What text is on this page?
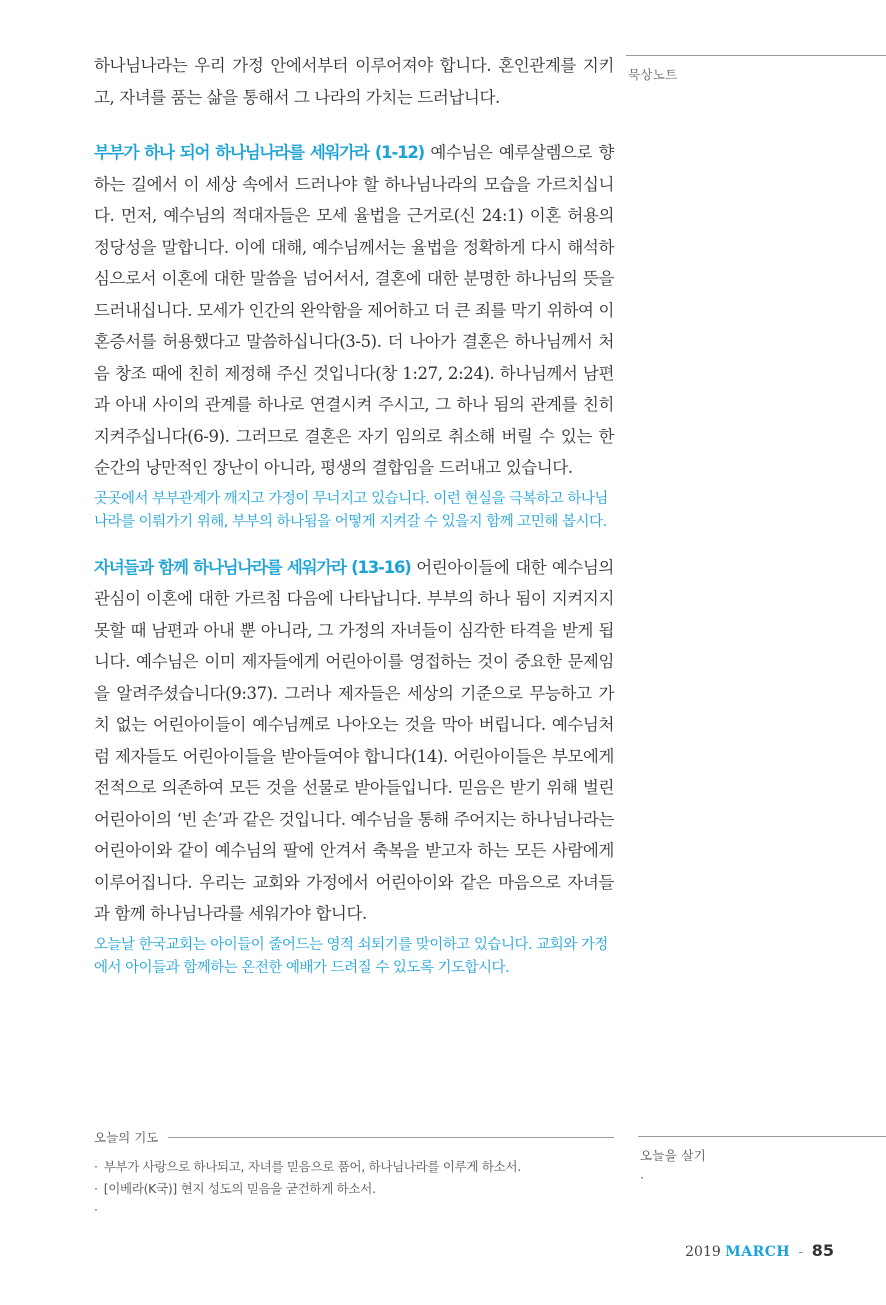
하나님나라는 우리 가정 안에서부터 이루어져야 합니다. 혼인관계를 지키고, 자녀를 품는 삶을 통해서 그 나라의 가치는 드러납니다.

부부가 하나 되어 하나님나라를 세워가라 (1-12) 예수님은 예루살렘으로 향하는 길에서 이 세상 속에서 드러나야 할 하나님나라의 모습을 가르치십니다. 먼저, 예수님의 적대자들은 모세 율법을 근거로(신 24:1) 이혼 허용의 정당성을 말합니다. 이에 대해, 예수님께서는 율법을 정확하게 다시 해석하심으로서 이혼에 대한 말씀을 넘어서서, 결혼에 대한 분명한 하나님의 뜻을 드러내십니다. 모세가 인간의 완악함을 제어하고 더 큰 죄를 막기 위하여 이혼증서를 허용했다고 말씀하십니다(3-5). 더 나아가 결혼은 하나님께서 처음 창조 때에 친히 제정해 주신 것입니다(창 1:27, 2:24). 하나님께서 남편과 아내 사이의 관계를 하나로 연결시켜 주시고, 그 하나 됨의 관계를 친히 지켜주십니다(6-9). 그러므로 결혼은 자기 임의로 취소해 버릴 수 있는 한순간의 낭만적인 장난이 아니라, 평생의 결합임을 드러내고 있습니다.

곳곳에서 부부관계가 깨지고 가정이 무너지고 있습니다. 이런 현실을 극복하고 하나님나라를 이뤄가기 위해, 부부의 하나됨을 어떻게 지켜갈 수 있을지 함께 고민해 봅시다.

자녀들과 함께 하나님나라를 세워가라 (13-16) 어린아이들에 대한 예수님의 관심이 이혼에 대한 가르침 다음에 나타납니다. 부부의 하나 됨이 지켜지지 못할 때 남편과 아내 뿐 아니라, 그 가정의 자녀들이 심각한 타격을 받게 됩니다. 예수님은 이미 제자들에게 어린아이를 영접하는 것이 중요한 문제임을 알려주셨습니다(9:37). 그러나 제자들은 세상의 기준으로 무능하고 가치 없는 어린아이들이 예수님께로 나아오는 것을 막아 버립니다. 예수님처럼 제자들도 어린아이들을 받아들여야 합니다(14). 어린아이들은 부모에게 전적으로 의존하여 모든 것을 선물로 받아들입니다. 믿음은 받기 위해 벌린 어린아이의 ‘빈 손’과 같은 것입니다. 예수님을 통해 주어지는 하나님나라는 어린아이와 같이 예수님의 팔에 안겨서 축복을 받고자 하는 모든 사람에게 이루어집니다. 우리는 교회와 가정에서 어린아이와 같은 마음으로 자녀들과 함께 하나님나라를 세워가야 합니다.

오늘날 한국교회는 아이들이 줄어드는 영적 쇠퇴기를 맞이하고 있습니다. 교회와 가정에서 아이들과 함께하는 온전한 예배가 드려질 수 있도록 기도합시다.
묵상노트
오늘의 기도
· 부부가 사랑으로 하나되고, 자녀를 믿음으로 품어, 하나님나라를 이루게 하소서.
· [이베라(K국)] 현지 성도의 믿음을 굳건하게 하소서.
·
오늘을 살기
·
2019 MARCH - 85
